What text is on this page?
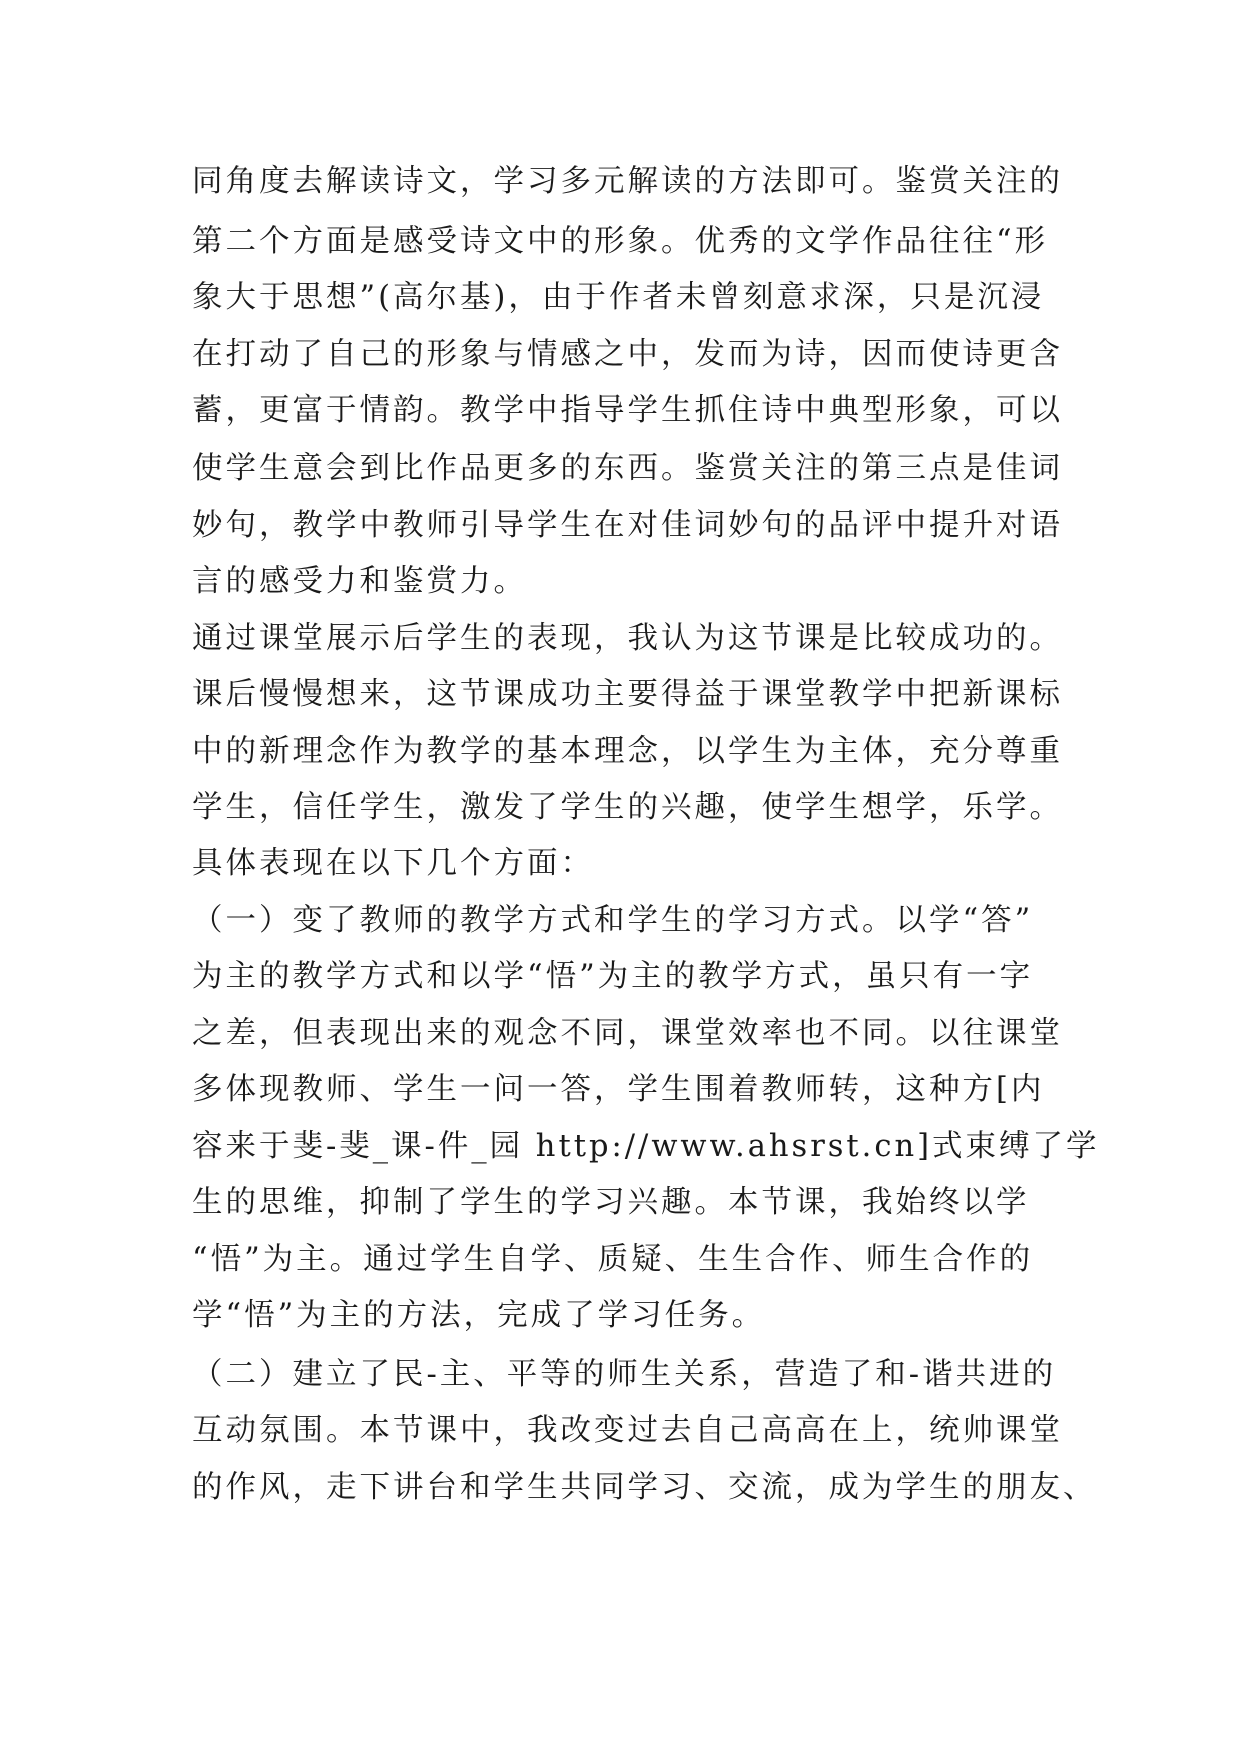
同角度去解读诗文，学习多元解读的方法即可。鉴赏关注的
第二个方面是感受诗文中的形象。优秀的文学作品往往“形
象大于思想”(高尔基)，由于作者未曾刻意求深，只是沉浸
在打动了自己的形象与情感之中，发而为诗，因而使诗更含
蓄，更富于情韵。教学中指导学生抓住诗中典型形象，可以
使学生意会到比作品更多的东西。鉴赏关注的第三点是佳词
妙句，教学中教师引导学生在对佳词妙句的品评中提升对语
言的感受力和鉴赏力。
通过课堂展示后学生的表现，我认为这节课是比较成功的。
课后慢慢想来，这节课成功主要得益于课堂教学中把新课标
中的新理念作为教学的基本理念，以学生为主体，充分尊重
学生，信任学生，激发了学生的兴趣，使学生想学，乐学。
具体表现在以下几个方面：
（一）变了教师的教学方式和学生的学习方式。以学“答”
为主的教学方式和以学“悟”为主的教学方式，虽只有一字
之差，但表现出来的观念不同，课堂效率也不同。以往课堂
多体现教师、学生一问一答，学生围着教师转，这种方[内
容来于斐-斐_课-件_园 http://www.ahsrst.cn]式束缚了学
生的思维，抑制了学生的学习兴趣。本节课，我始终以学
“悟”为主。通过学生自学、质疑、生生合作、师生合作的
学“悟”为主的方法，完成了学习任务。
（二）建立了民-主、平等的师生关系，营造了和-谐共进的
互动氛围。本节课中，我改变过去自己高高在上，统帅课堂
的作风，走下讲台和学生共同学习、交流，成为学生的朋友、
